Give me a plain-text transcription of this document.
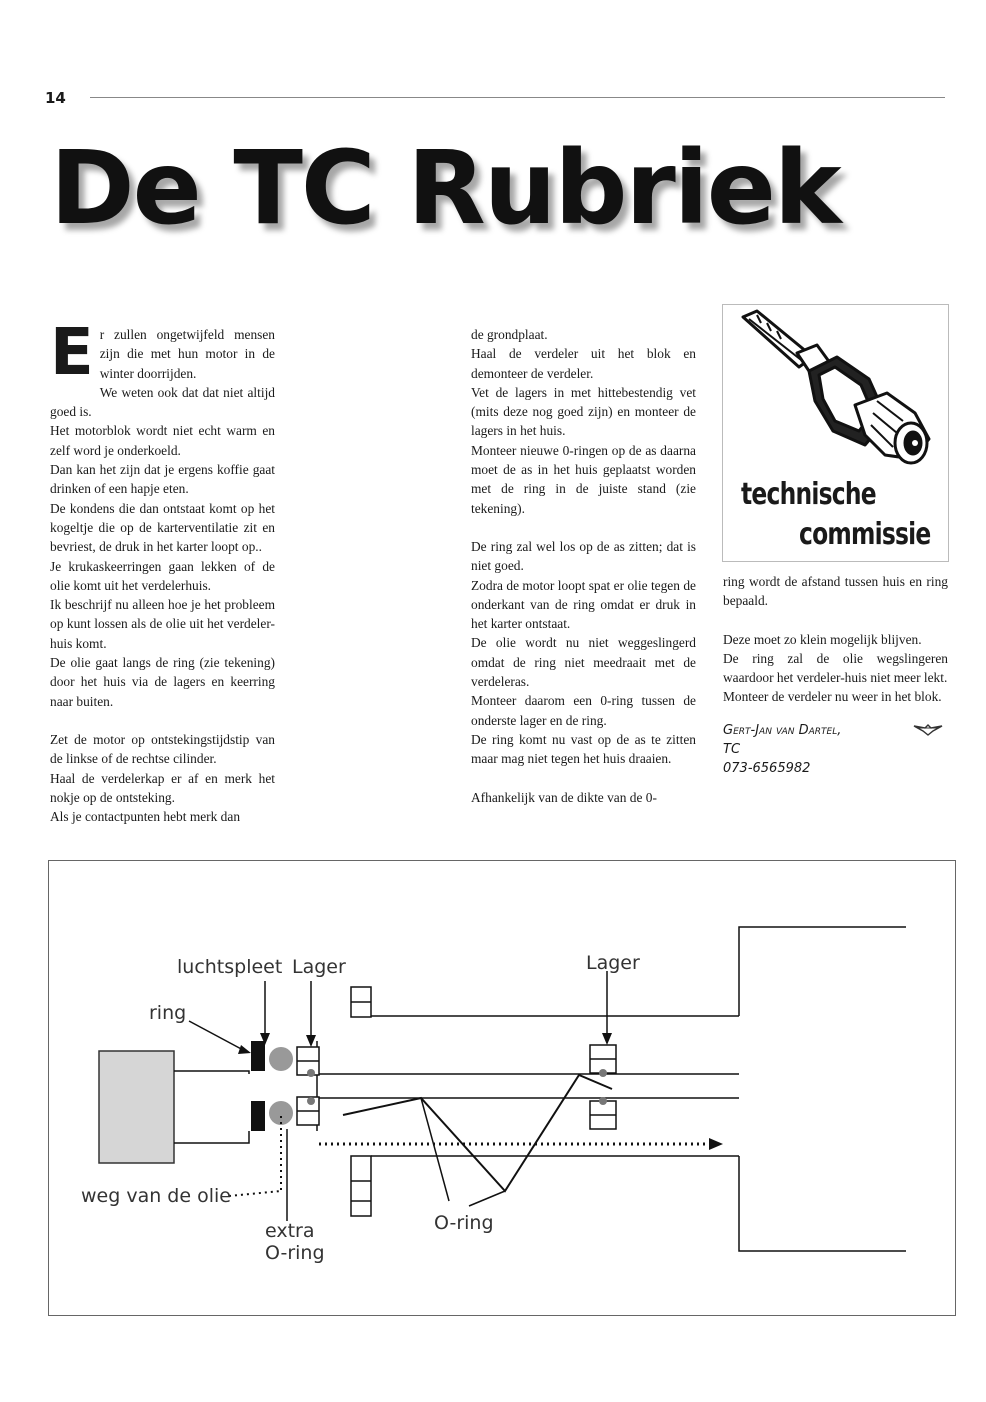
14
De TC Rubriek
E r zullen ongetwijfeld mensen zijn die met hun motor in de winter doorrijden.

We weten ook dat dat niet altijd goed is.

Het motorblok wordt niet echt warm en zelf word je onderkoeld.

Dan kan het zijn dat je ergens koffie gaat drinken of een hapje eten.

De kondens die dan ontstaat komt op het kogeltje die op de karterventilatie zit en bevriest, de druk in het karter loopt op..

Je krukaskeerringen gaan lekken of de olie komt uit het verdelerhuis.

Ik beschrijf nu alleen hoe je het probleem op kunt lossen als de olie uit het verdeler-huis komt.

De olie gaat langs de ring (zie tekening) door het huis via de lagers en keerring naar buiten.

Zet de motor op ontstekingstijdstip van de linkse of de rechtse cilinder.

Haal de verdelerkap er af en merk het nokje op de ontsteking.

Als je contactpunten hebt merk dan

de grondplaat.

Haal de verdeler uit het blok en demonteer de verdeler.

Vet de lagers in met hittebestendig vet (mits deze nog goed zijn) en monteer de lagers in het huis.

Monteer nieuwe 0-ringen op de as daarna moet de as in het huis geplaatst worden met de ring in de juiste stand (zie tekening).

De ring zal wel los op de as zitten; dat is niet goed.

Zodra de motor loopt spat er olie tegen de onderkant van de ring omdat er druk in het karter ontstaat.

De olie wordt nu niet weggeslingerd omdat de ring niet meedraait met de verdeleras.

Monteer daarom een 0-ring tussen de onderste lager en de ring.

De ring komt nu vast op de as te zitten maar mag niet tegen het huis draaien.

Afhankelijk van de dikte van de 0-

technische
commissie

ring wordt de afstand tussen huis en ring bepaald.

Deze moet zo klein mogelijk blijven.

De ring zal de olie wegslingeren waardoor het verdeler-huis niet meer lekt.

Monteer de verdeler nu weer in het blok.

Gert-Jan van Dartel,
TC
073-6565982
luchtspleet Lager	Lager
ring
weg van de olie
extra
O-ring
O-ring
